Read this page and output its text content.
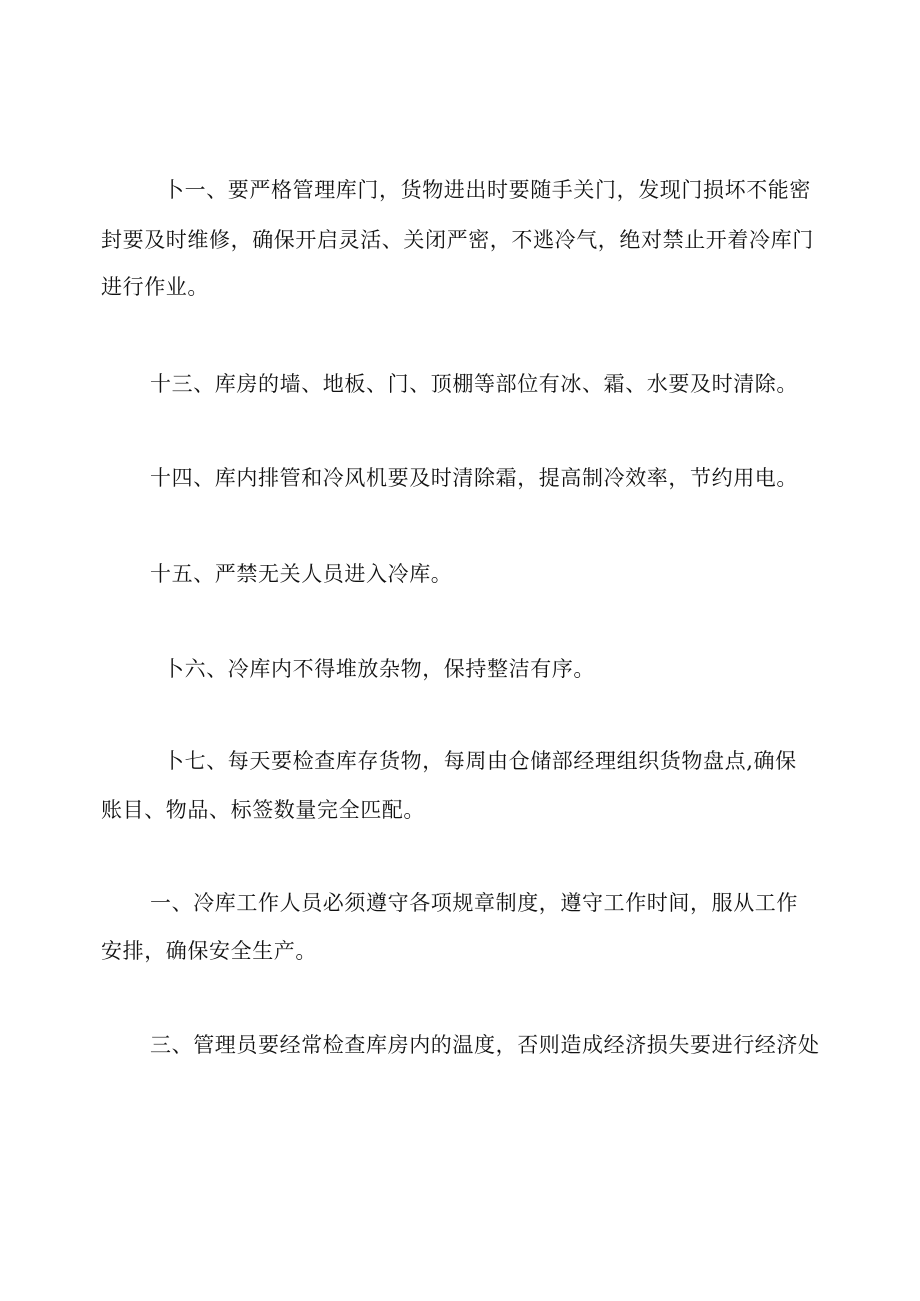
卜一、要严格管理库门，货物进出时要随手关门，发现门损坏不能密
封要及时维修，确保开启灵活、关闭严密，不逃冷气，绝对禁止开着冷库门
进行作业。
十三、库房的墙、地板、门、顶棚等部位有冰、霜、水要及时清除。
十四、库内排管和冷风机要及时清除霜，提高制冷效率，节约用电。
十五、严禁无关人员进入冷库。
卜六、冷库内不得堆放杂物，保持整洁有序。
卜七、每天要检查库存货物，每周由仓储部经理组织货物盘点,确保
账目、物品、标签数量完全匹配。
一、冷库工作人员必须遵守各项规章制度，遵守工作时间，服从工作
安排，确保安全生产。
三、管理员要经常检查库房内的温度，否则造成经济损失要进行经济处
